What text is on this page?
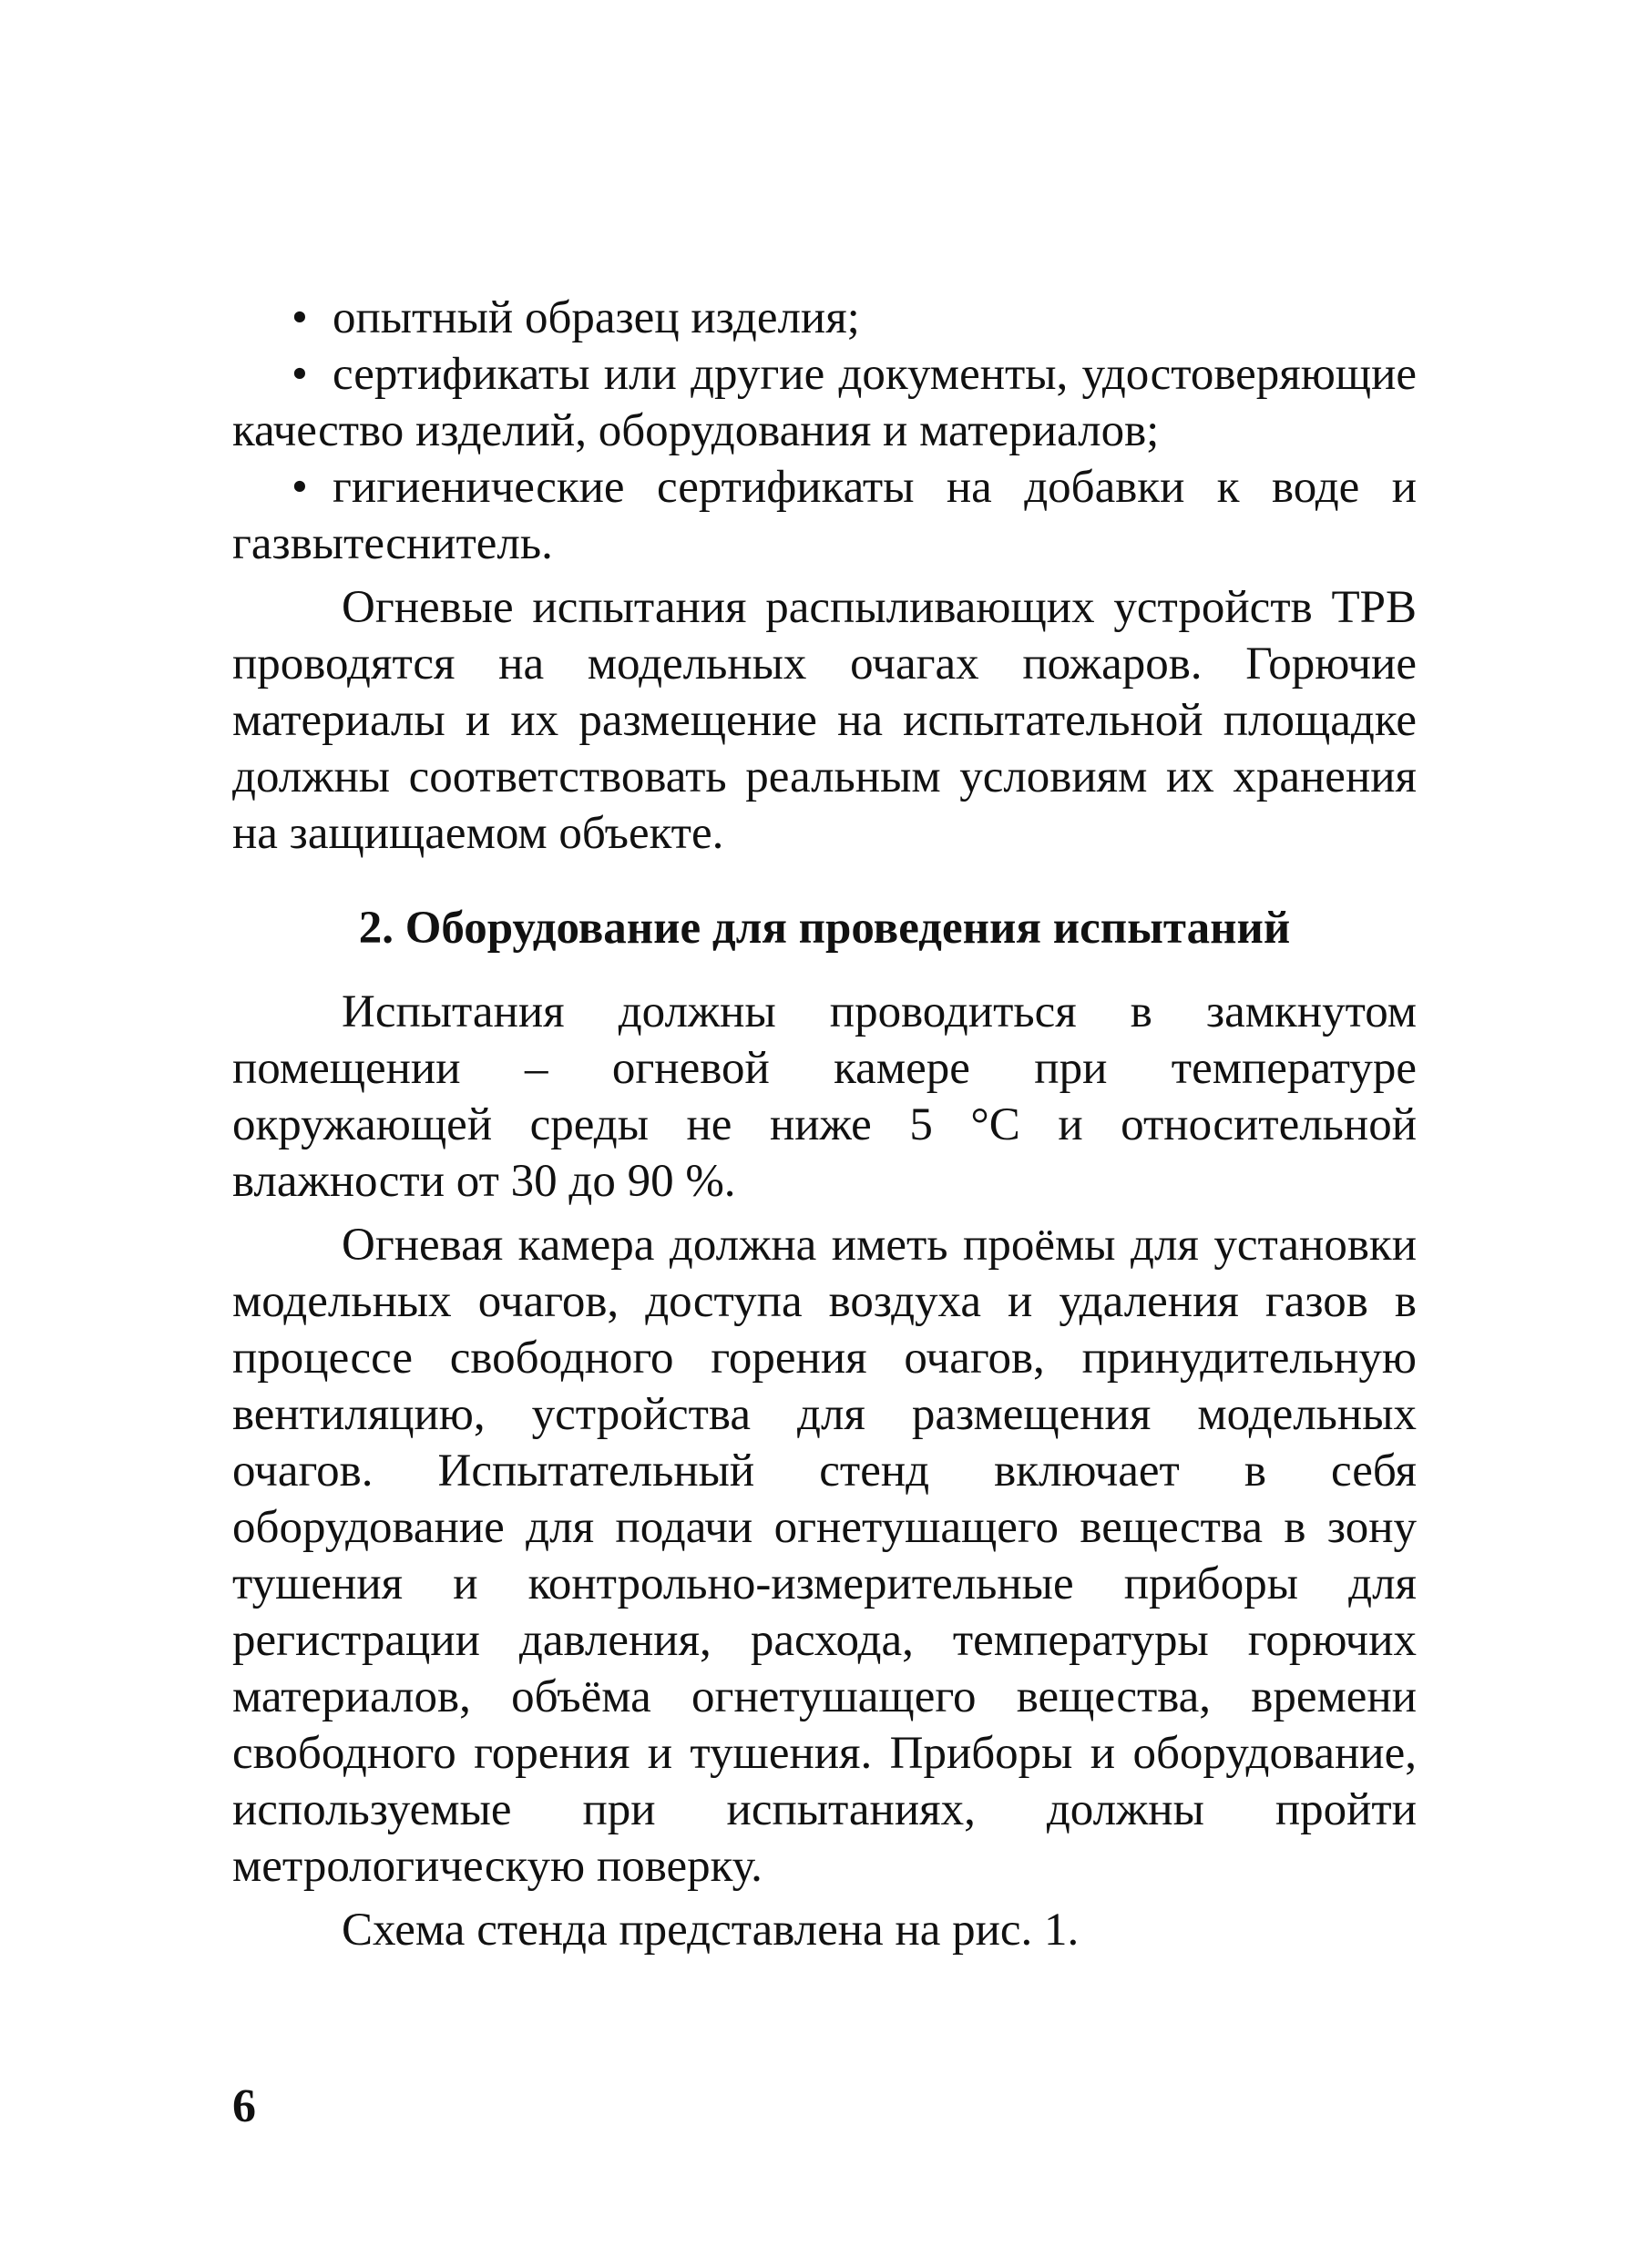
• опытный образец изделия;

• сертификаты или другие документы, удостоверяющие качество изделий, оборудования и материалов;

• гигиенические сертификаты на добавки к воде и газвытеснитель.

Огневые испытания распыливающих устройств ТРВ проводятся на модельных очагах пожаров. Горючие материалы и их размещение на испытательной площадке должны соответствовать реальным условиям их хранения на защищаемом объекте.

2. Оборудование для проведения испытаний

Испытания должны проводиться в замкнутом помещении – огневой камере при температуре окружающей среды не ниже 5 °С и относительной влажности от 30 до 90 %.

Огневая камера должна иметь проёмы для установки модельных очагов, доступа воздуха и удаления газов в процессе свободного горения очагов, принудительную вентиляцию, устройства для размещения модельных очагов. Испытательный стенд включает в себя оборудование для подачи огнетушащего вещества в зону тушения и контрольно-измерительные приборы для регистрации давления, расхода, температуры горючих материалов, объёма огнетушащего вещества, времени свободного горения и тушения. Приборы и оборудование, используемые при испытаниях, должны пройти метрологическую поверку.

Схема стенда представлена на рис. 1.

6
